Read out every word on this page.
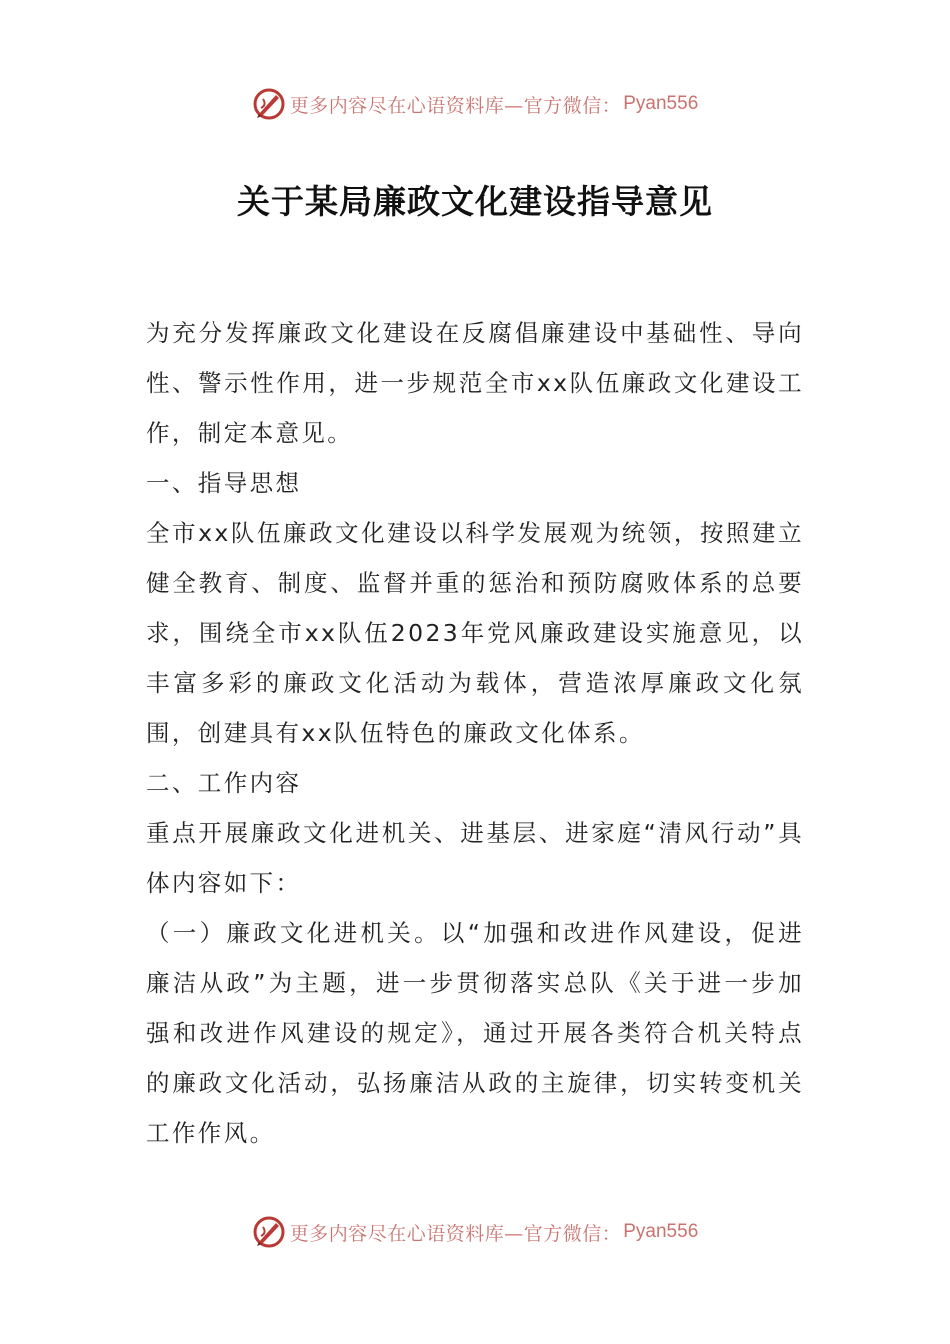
更多内容尽在心语资料库—官方微信： Pyan556
关于某局廉政文化建设指导意见

为充分发挥廉政文化建设在反腐倡廉建设中基础性、导向性、警示性作用，进一步规范全市xx队伍廉政文化建设工作，制定本意见。

一、指导思想

全市xx队伍廉政文化建设以科学发展观为统领，按照建立健全教育、制度、监督并重的惩治和预防腐败体系的总要求，围绕全市xx队伍2023年党风廉政建设实施意见，以丰富多彩的廉政文化活动为载体，营造浓厚廉政文化氛围，创建具有xx队伍特色的廉政文化体系。

二、工作内容

重点开展廉政文化进机关、进基层、进家庭“清风行动”具体内容如下：

（一）廉政文化进机关。以“加强和改进作风建设，促进廉洁从政”为主题，进一步贯彻落实总队《关于进一步加强和改进作风建设的规定》，通过开展各类符合机关特点的廉政文化活动，弘扬廉洁从政的主旋律，切实转变机关工作作风。

更多内容尽在心语资料库—官方微信： Pyan556
